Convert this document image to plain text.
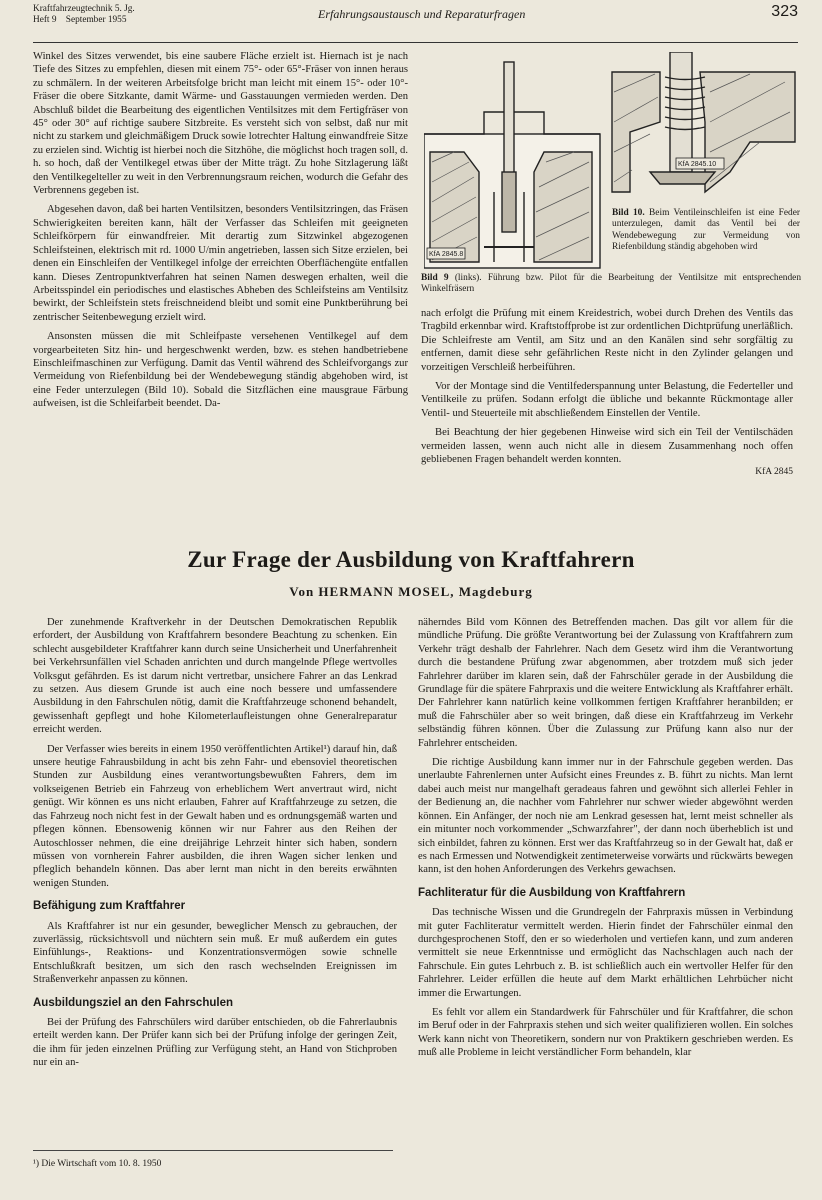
Kraftfahrzeugtechnik 5. Jg.
Heft 9    September 1955	Erfahrungsaustausch und Reparaturfragen	323

Winkel des Sitzes verwendet, bis eine saubere Fläche erzielt ist. Hiernach ist je nach Tiefe des Sitzes zu empfehlen, diesen mit einem 75°- oder 65°-Fräser von innen heraus zu schmälern. In der weiteren Arbeitsfolge bricht man leicht mit einem 15°- oder 10°-Fräser die obere Sitzkante, damit Wärme- und Gasstauungen vermieden werden. Den Abschluß bildet die Bearbeitung des eigentlichen Ventilsitzes mit dem Fertigfräser von 45° oder 30° auf richtige saubere Sitzbreite. Es versteht sich von selbst, daß nur mit nicht zu starkem und gleichmäßigem Druck sowie lotrechter Haltung einwandfreie Sitze zu erzielen sind. Wichtig ist hierbei noch die Sitzhöhe, die möglichst hoch tragen soll, d. h. so hoch, daß der Ventilkegel etwas über der Mitte trägt. Zu hohe Sitzlagerung läßt den Ventilkegelteller zu weit in den Verbrennungsraum reichen, wodurch die Gefahr des Verbrennens gegeben ist.

Abgesehen davon, daß bei harten Ventilsitzen, besonders Ventilsitzringen, das Fräsen Schwierigkeiten bereiten kann, hält der Verfasser das Schleifen mit geeigneten Schleifkörpern für einwandfreier. Mit derartig zum Sitzwinkel abgezogenen Schleifsteinen, elektrisch mit rd. 1000 U/min angetrieben, lassen sich Sitze erzielen, bei denen ein Einschleifen der Ventilkegel infolge der erreichten Oberflächengüte entfallen kann. Dieses Zentropunktverfahren hat seinen Namen deswegen erhalten, weil die Arbeitsspindel ein periodisches und elastisches Abheben des Schleifsteins am Ventilsitz bewirkt, der Schleifstein stets freischneidend bleibt und somit eine Punktberührung bei zentrischer Seitenbewegung erzielt wird.

Ansonsten müssen die mit Schleifpaste versehenen Ventilkegel auf dem vorgearbeiteten Sitz hin- und hergeschwenkt werden, bzw. es stehen handbetriebene Einschleifmaschinen zur Verfügung. Damit das Ventil während des Schleifvorgangs zur Vermeidung von Riefenbildung bei der Wendebewegung ständig abgehoben wird, ist eine Feder unterzulegen (Bild 10). Sobald die Sitzflächen eine mausgraue Färbung aufweisen, ist die Schleifarbeit beendet. Da-

KfA 2845.8
KfA 2845.10
Bild 10. Beim Ventileinschleifen ist eine Feder unterzulegen, damit das Ventil bei der Wendebewegung zur Vermeidung von Riefenbildung ständig abgehoben wird
Bild 9 (links). Führung bzw. Pilot für die Bearbeitung der Ventilsitze mit entsprechenden Winkelfräsern

nach erfolgt die Prüfung mit einem Kreidestrich, wobei durch Drehen des Ventils das Tragbild erkennbar wird. Kraftstoffprobe ist zur ordentlichen Dichtprüfung unerläßlich. Die Schleifreste am Ventil, am Sitz und an den Kanälen sind sehr sorgfältig zu entfernen, damit diese sehr gefährlichen Reste nicht in den Zylinder gelangen und vorzeitigen Verschleiß herbeiführen.

Vor der Montage sind die Ventilfederspannung unter Belastung, die Federteller und Ventilkeile zu prüfen. Sodann erfolgt die übliche und bekannte Rückmontage aller Ventil- und Steuerteile mit abschließendem Einstellen der Ventile.

Bei Beachtung der hier gegebenen Hinweise wird sich ein Teil der Ventilschäden vermeiden lassen, wenn auch nicht alle in diesem Zusammenhang noch offen gebliebenen Fragen behandelt werden konnten.

KfA 2845
Zur Frage der Ausbildung von Kraftfahrern
Von HERMANN MOSEL, Magdeburg

Der zunehmende Kraftverkehr in der Deutschen Demokratischen Republik erfordert, der Ausbildung von Kraftfahrern besondere Beachtung zu schenken. Ein schlecht ausgebildeter Kraftfahrer kann durch seine Unsicherheit und Unerfahrenheit bei Verkehrsunfällen viel Schaden anrichten und durch mangelnde Pflege wertvolles Volksgut gefährden. Es ist darum nicht vertretbar, unsichere Fahrer an das Lenkrad zu setzen. Aus diesem Grunde ist auch eine noch bessere und umfassendere Ausbildung in den Fahrschulen nötig, damit die Kraftfahrzeuge schonend behandelt, gewissenhaft gepflegt und hohe Kilometerlaufleistungen ohne Generalreparatur erreicht werden.

Der Verfasser wies bereits in einem 1950 veröffentlichten Artikel¹) darauf hin, daß unsere heutige Fahrausbildung in acht bis zehn Fahr- und ebensoviel theoretischen Stunden zur Ausbildung eines verantwortungsbewußten Fahrers, dem im volkseigenen Betrieb ein Fahrzeug von erheblichem Wert anvertraut wird, nicht genügt. Wir können es uns nicht erlauben, Fahrer auf Kraftfahrzeuge zu setzen, die das Fahrzeug noch nicht fest in der Gewalt haben und es ordnungsgemäß warten und pflegen können. Ebensowenig können wir nur Fahrer aus den Reihen der Autoschlosser nehmen, die eine dreijährige Lehrzeit hinter sich haben, sondern müssen von vornherein Fahrer ausbilden, die ihren Wagen sicher lenken und pfleglich behandeln können. Das aber lernt man nicht in den bereits erwähnten wenigen Stunden.

Befähigung zum Kraftfahrer

Als Kraftfahrer ist nur ein gesunder, beweglicher Mensch zu gebrauchen, der zuverlässig, rücksichtsvoll und nüchtern sein muß. Er muß außerdem ein gutes Einfühlungs-, Reaktions- und Konzentrationsvermögen sowie schnelle Entschlußkraft besitzen, um sich den rasch wechselnden Ereignissen im Straßenverkehr anpassen zu können.

Ausbildungsziel an den Fahrschulen

Bei der Prüfung des Fahrschülers wird darüber entschieden, ob die Fahrerlaubnis erteilt werden kann. Der Prüfer kann sich bei der Prüfung infolge der geringen Zeit, die ihm für jeden einzelnen Prüfling zur Verfügung steht, an Hand von Stichproben nur ein an-

¹) Die Wirtschaft vom 10. 8. 1950

näherndes Bild vom Können des Betreffenden machen. Das gilt vor allem für die mündliche Prüfung. Die größte Verantwortung bei der Zulassung von Kraftfahrern zum Verkehr trägt deshalb der Fahrlehrer. Nach dem Gesetz wird ihm die Verantwortung durch die bestandene Prüfung zwar abgenommen, aber trotzdem muß sich jeder Fahrlehrer darüber im klaren sein, daß der Fahrschüler gerade in der Ausbildung die Grundlage für die spätere Fahrpraxis und die weitere Entwicklung als Kraftfahrer erhält. Der Fahrlehrer kann natürlich keine vollkommen fertigen Kraftfahrer heranbilden; er muß die Fahrschüler aber so weit bringen, daß diese ein Kraftfahrzeug im Verkehr selbständig führen können. Über die Zulassung zur Prüfung kann also nur der Fahrlehrer entscheiden.

Die richtige Ausbildung kann immer nur in der Fahrschule gegeben werden. Das unerlaubte Fahrenlernen unter Aufsicht eines Freundes z. B. führt zu nichts. Man lernt dabei auch meist nur mangelhaft geradeaus fahren und gewöhnt sich allerlei Fehler in der Bedienung an, die nachher vom Fahrlehrer nur schwer wieder abgewöhnt werden können. Ein Anfänger, der noch nie am Lenkrad gesessen hat, lernt meist schneller als ein mitunter noch vorkommender „Schwarzfahrer", der dann noch überheblich ist und sich einbildet, fahren zu können. Erst wer das Kraftfahrzeug so in der Gewalt hat, daß er es nach Ermessen und Notwendigkeit zentimeterweise vorwärts und rückwärts bewegen kann, ist den hohen Anforderungen des Verkehrs gewachsen.

Fachliteratur für die Ausbildung von Kraftfahrern

Das technische Wissen und die Grundregeln der Fahrpraxis müssen in Verbindung mit guter Fachliteratur vermittelt werden. Hierin findet der Fahrschüler einmal den durchgesprochenen Stoff, den er so wiederholen und vertiefen kann, und zum anderen vermittelt sie neue Erkenntnisse und ermöglicht das Nachschlagen auch nach der Fahrschule. Ein gutes Lehrbuch z. B. ist schließlich auch ein wertvoller Helfer für den Fahrlehrer. Leider erfüllen die heute auf dem Markt erhältlichen Lehrbücher nicht immer die Erwartungen.

Es fehlt vor allem ein Standardwerk für Fahrschüler und für Kraftfahrer, die schon im Beruf oder in der Fahrpraxis stehen und sich weiter qualifizieren wollen. Ein solches Werk kann nicht von Theoretikern, sondern nur von Praktikern geschrieben werden. Es muß alle Probleme in leicht verständlicher Form behandeln, klar
